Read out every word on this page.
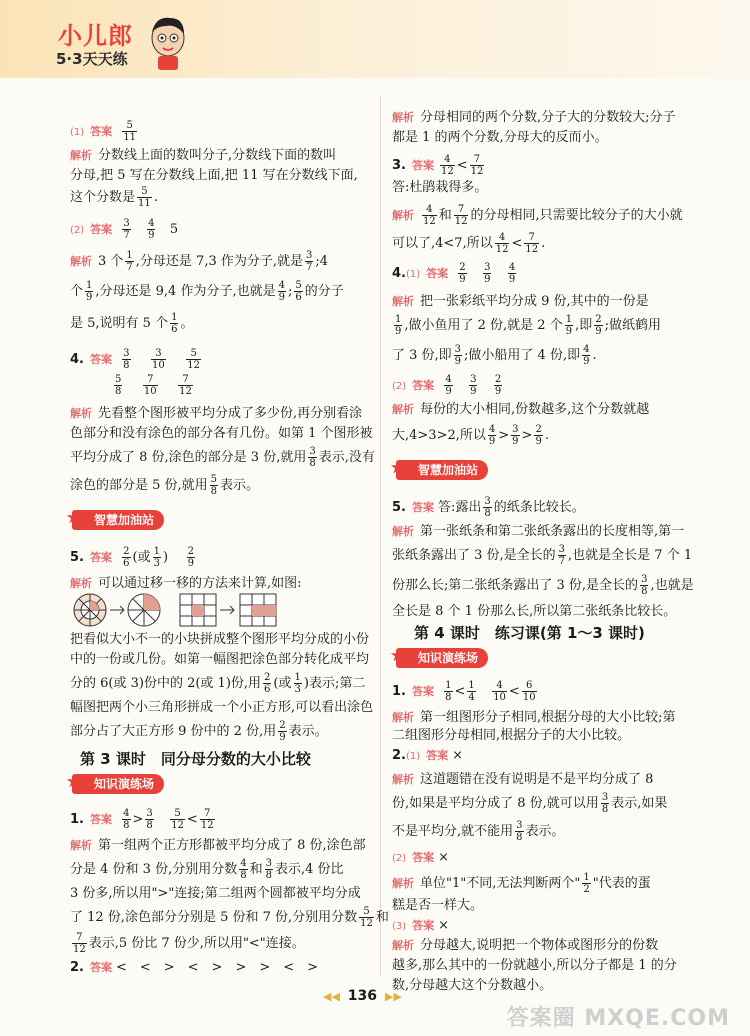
小儿郎
5·3天天练
(1) 答案 $\frac{5}{11}$
解析 分数线上面的数叫分子,分数线下面的数叫
分母,把 5 写在分数线上面,把 11 写在分数线下面,
这个分数是 $\frac{5}{11}$ .
(2) 答案 $\frac{3}{7}$
$\frac{4}{9} 5$
解析 3 个 $\frac{1}{7}$ ,分母还是 7,3 作为分子,就是 $\frac{3}{7}$ ;4
个 $\frac{1}{9}$ ,分母还是 9,4 作为分子,也就是 $\frac{4}{9}$ ; $\frac{5}{6}$ 的分子
是 5,说明有 5 个 $\frac{1}{6}$ 。
4. 答案 $\frac{3}{8}$
$\frac{3}{10}$
$\frac{5}{12}$
$\frac{5}{8}$
$\frac{7}{10}$
$\frac{7}{12}$
解析 先看整个图形被平均分成了多少份,再分别看涂
色部分和没有涂色的部分各有几份。如第 1 个图形被
平均分成了 8 份,涂色的部分是 3 份,就用 $\frac{3}{8}$ 表示,没有
涂色的部分是 5 份,就用 $\frac{5}{8}$ 表示。
★ 智慧加油站
5. 答案 $\frac{2}{6}$ (或 $\frac{1}{3}$ ) $\frac{2}{9}$
解析 可以通过移一移的方法来计算,如图:
把看似大小不一的小块拼成整个图形平均分成的小份
中的一份或几份。如第一幅图把涂色部分转化成平均
分的 6(或 3)份中的 2(或 1)份,用 $\frac{2}{6}$ (或 $\frac{1}{3}$ )表示;第二
幅图把两个小三角形拼成一个小正方形,可以看出涂色
部分占了大正方形 9 份中的 2 份,用 $\frac{2}{9}$ 表示。
第 3 课时　同分母分数的大小比较
★ 知识演练场
1. 答案 $\frac{4}{8} > \frac{3}{8}$
$\frac{5}{12} < \frac{7}{12}$
解析 第一组两个正方形都被平均分成了 8 份,涂色部
分是 4 份和 3 份,分别用分数 $\frac{4}{8}$ 和 $\frac{3}{8}$ 表示,4 份比
3 份多,所以用">"连接;第二组两个圆都被平均分成
了 12 份,涂色部分分别是 5 份和 7 份,分别用分数 $\frac{5}{12}$ 和
$\frac{7}{12}$ 表示,5 份比 7 份少,所以用"<"连接。
2. 答案 <　<　>　<　>　>　>　<　>
解析 分母相同的两个分数,分子大的分数较大;分子
都是 1 的两个分数,分母大的反而小。
3. 答案 $\frac{4}{12} < \frac{7}{12}$
答:杜鹃栽得多。
解析 $\frac{4}{12}$ 和 $\frac{7}{12}$ 的分母相同,只需要比较分子的大小就
可以了,4<7,所以 $\frac{4}{12} < \frac{7}{12}$ .
4.(1) 答案 $\frac{2}{9}$
$\frac{3}{9}$
$\frac{4}{9}$
解析 把一张彩纸平均分成 9 份,其中的一份是
$\frac{1}{9}$ ,做小鱼用了 2 份,就是 2 个 $\frac{1}{9}$ ,即 $\frac{2}{9}$ ;做纸鹤用
了 3 份,即 $\frac{3}{9}$ ;做小船用了 4 份,即 $\frac{4}{9}$ .
(2) 答案 $\frac{4}{9}$
$\frac{3}{9}$
$\frac{2}{9}$
解析 每份的大小相同,份数越多,这个分数就越
大,4>3>2,所以 $\frac{4}{9} > \frac{3}{9} > \frac{2}{9}$ .
★ 智慧加油站
5. 答案 答:露出 $\frac{3}{8}$ 的纸条比较长。
解析 第一张纸条和第二张纸条露出的长度相等,第一
张纸条露出了 3 份,是全长的 $\frac{3}{7}$ ,也就是全长是 7 个 1
份那么长;第二张纸条露出了 3 份,是全长的 $\frac{3}{8}$ ,也就是
全长是 8 个 1 份那么长,所以第二张纸条比较长。
第 4 课时　练习课(第 1～3 课时)
★ 知识演练场
1. 答案 $\frac{1}{8} < \frac{1}{4}$
$\frac{4}{10} < \frac{6}{10}$
解析 第一组图形分子相同,根据分母的大小比较;第
二组图形分母相同,根据分子的大小比较。
2.(1) 答案 ×
解析 这道题错在没有说明是不是平均分成了 8
份,如果是平均分成了 8 份,就可以用 $\frac{3}{8}$ 表示,如果
不是平均分,就不能用 $\frac{3}{8}$ 表示。
(2) 答案 ×
解析 单位"1"不同,无法判断两个" $\frac{1}{2}$ "代表的蛋
糕是否一样大。
(3) 答案 ×
解析 分母越大,说明把一个物体或图形分的份数
越多,那么其中的一份就越小,所以分子都是 1 的分
数,分母越大这个分数越小。
◀◀ 136 ▶▶
答案圈 MXQE.COM
